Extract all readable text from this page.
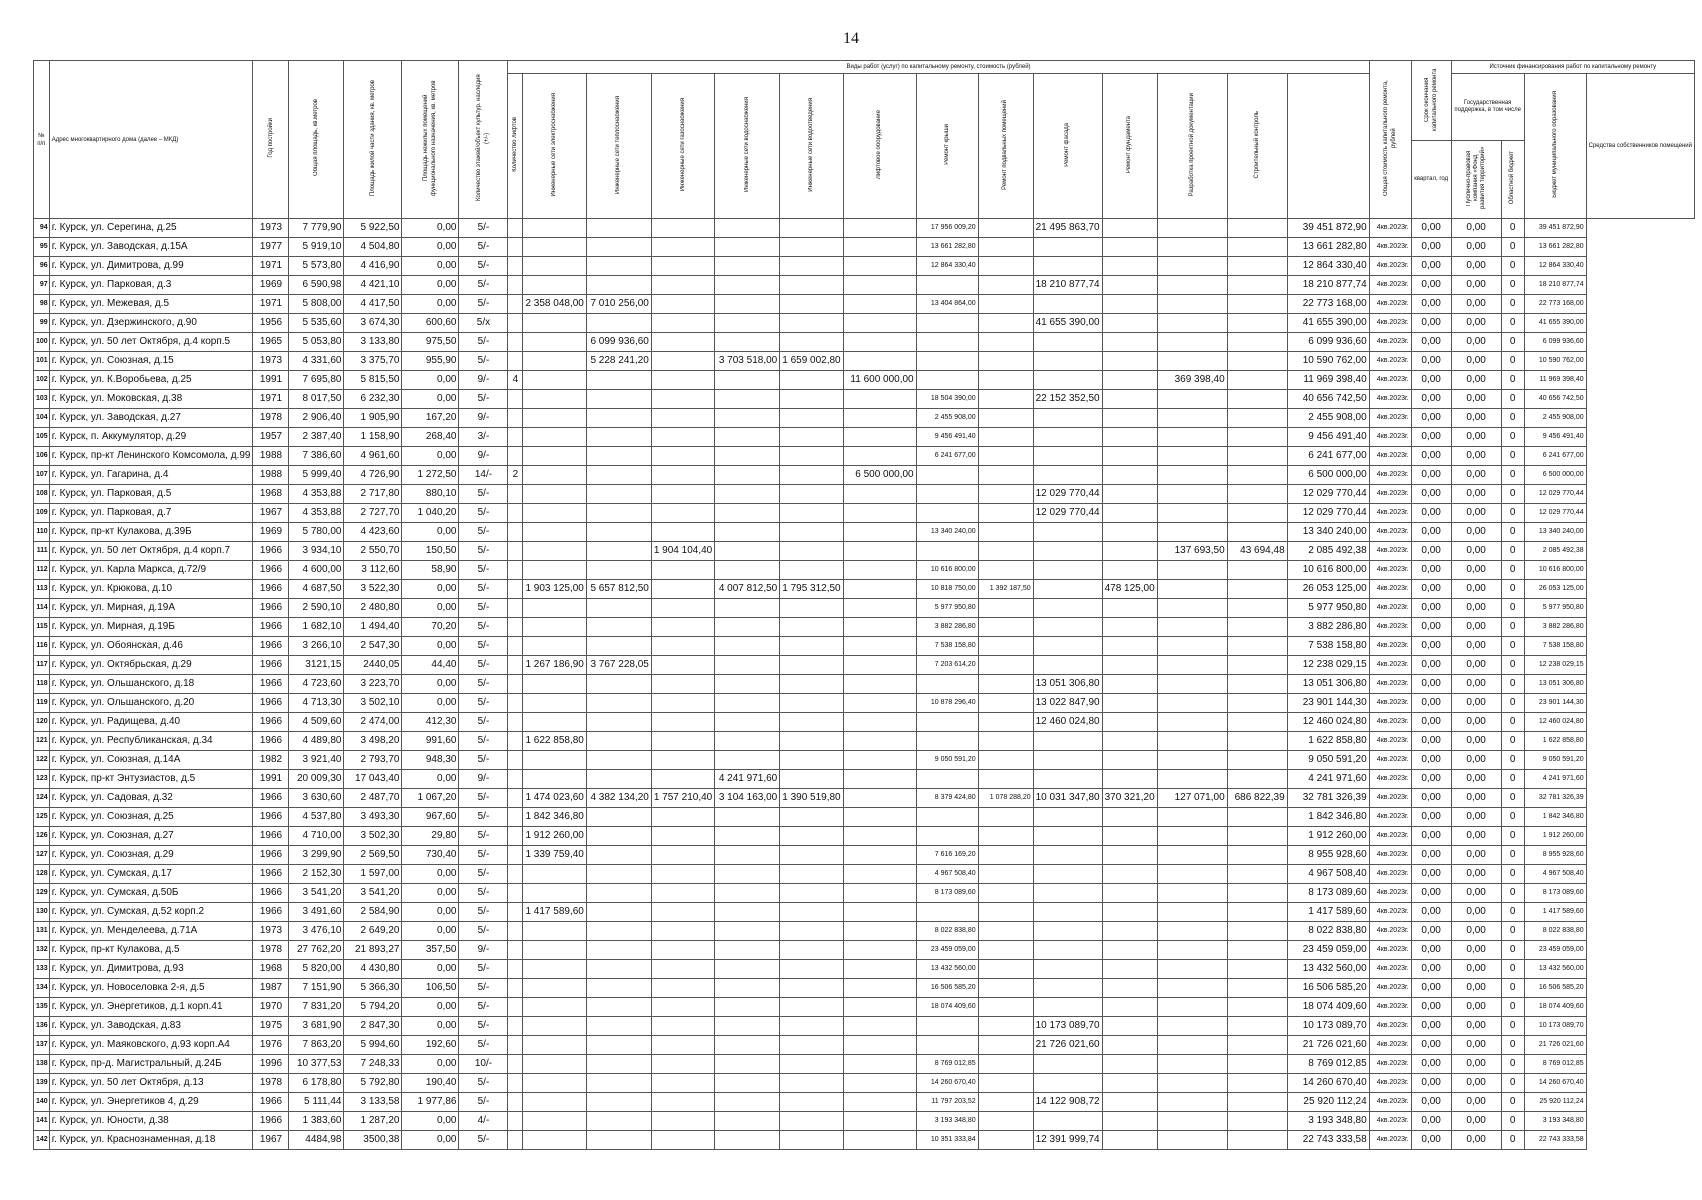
14
№ п/п	Адрес многоквартирного дома (далее – МКД)	Год постройки	Общая площадь, кв.метров	Площадь жилой части здания, кв. метров	Площадь нежилых помещений функционального назначения, кв. метров	Количество этажей/объект культур. наследия (+/-)	Виды работ (услуг) по капитальному ремонту, стоимость (рублей)														Общая стоимость капитального ремонта, рублей	Срок окончания капитального ремонта	Источник финансирования работ по капитальному ремонту			
							Количество лифтов	Инженерные сети электроснабжения	Инженерные сети теплоснабжения	Инженерные сети газоснабжения	Инженерные сети водоснабжения	Инженерные сети водоотведения	Лифтовое оборудование	Ремонт крыши	Ремонт подвальных помещений	Ремонт фасада	Ремонт фундамента	Разработка проектной документации	Строительный контроль				Государственная поддержка, в том числе		Бюджет муниципального образования	Средства собственников помещений
																						квартал, год	Публично-правовая компания «Фонд развития территорий»	Областной бюджет		
94	г. Курск, ул. Серегина, д.25	1973	7 779,90	5 922,50	0,00	5/-								17 956 009,20		21 495 863,70				39 451 872,90	4кв.2023г.	0,00	0,00	0	39 451 872,90	
95	г. Курск, ул. Заводская, д.15А	1977	5 919,10	4 504,80	0,00	5/-								13 661 282,80						13 661 282,80	4кв.2023г.	0,00	0,00	0	13 661 282,80	
96	г. Курск, ул. Димитрова, д.99	1971	5 573,80	4 416,90	0,00	5/-								12 864 330,40						12 864 330,40	4кв.2023г.	0,00	0,00	0	12 864 330,40	
97	г. Курск, ул. Парковая, д.3	1969	6 590,98	4 421,10	0,00	5/-										18 210 877,74				18 210 877,74	4кв.2023г.	0,00	0,00	0	18 210 877,74	
98	г. Курск, ул. Межевая, д.5	1971	5 808,00	4 417,50	0,00	5/-		2 358 048,00	7 010 256,00					13 404 864,00						22 773 168,00	4кв.2023г.	0,00	0,00	0	22 773 168,00	
99	г. Курск, ул. Дзержинского, д.90	1956	5 535,60	3 674,30	600,60	5/х										41 655 390,00				41 655 390,00	4кв.2023г.	0,00	0,00	0	41 655 390,00	
100	г. Курск, ул. 50 лет Октября, д.4 корп.5	1965	5 053,80	3 133,80	975,50	5/-			6 099 936,60											6 099 936,60	4кв.2023г.	0,00	0,00	0	6 099 936,60	
101	г. Курск, ул. Союзная, д.15	1973	4 331,60	3 375,70	955,90	5/-			5 228 241,20		3 703 518,00	1 659 002,80								10 590 762,00	4кв.2023г.	0,00	0,00	0	10 590 762,00	
102	г. Курск, ул. К.Воробьева, д.25	1991	7 695,80	5 815,50	0,00	9/-	4						11 600 000,00					369 398,40		11 969 398,40	4кв.2023г.	0,00	0,00	0	11 969 398,40	
103	г. Курск, ул. Моковская, д.38	1971	8 017,50	6 232,30	0,00	5/-								18 504 390,00		22 152 352,50				40 656 742,50	4кв.2023г.	0,00	0,00	0	40 656 742,50	
104	г. Курск, ул. Заводская, д.27	1978	2 906,40	1 905,90	167,20	9/-								2 455 908,00						2 455 908,00	4кв.2023г.	0,00	0,00	0	2 455 908,00	
105	г. Курск, п. Аккумулятор, д.29	1957	2 387,40	1 158,90	268,40	3/-								9 456 491,40						9 456 491,40	4кв.2023г.	0,00	0,00	0	9 456 491,40	
106	г. Курск, пр-кт Ленинского Комсомола, д.99	1988	7 386,60	4 961,60	0,00	9/-								6 241 677,00						6 241 677,00	4кв.2023г.	0,00	0,00	0	6 241 677,00	
107	г. Курск, ул. Гагарина, д.4	1988	5 999,40	4 726,90	1 272,50	14/-	2						6 500 000,00							6 500 000,00	4кв.2023г.	0,00	0,00	0	6 500 000,00	
108	г. Курск, ул. Парковая, д.5	1968	4 353,88	2 717,80	880,10	5/-										12 029 770,44				12 029 770,44	4кв.2023г.	0,00	0,00	0	12 029 770,44	
109	г. Курск, ул. Парковая, д.7	1967	4 353,88	2 727,70	1 040,20	5/-										12 029 770,44				12 029 770,44	4кв.2023г.	0,00	0,00	0	12 029 770,44	
110	г. Курск, пр-кт Кулакова, д.39Б	1969	5 780,00	4 423,60	0,00	5/-								13 340 240,00						13 340 240,00	4кв.2023г.	0,00	0,00	0	13 340 240,00	
111	г. Курск, ул. 50 лет Октября, д.4 корп.7	1966	3 934,10	2 550,70	150,50	5/-				1 904 104,40								137 693,50	43 694,48	2 085 492,38	4кв.2023г.	0,00	0,00	0	2 085 492,38	
112	г. Курск, ул. Карла Маркса, д.72/9	1966	4 600,00	3 112,60	58,90	5/-								10 616 800,00						10 616 800,00	4кв.2023г.	0,00	0,00	0	10 616 800,00	
113	г. Курск, ул. Крюкова, д.10	1966	4 687,50	3 522,30	0,00	5/-		1 903 125,00	5 657 812,50		4 007 812,50	1 795 312,50		10 818 750,00	1 392 187,50		478 125,00			26 053 125,00	4кв.2023г.	0,00	0,00	0	26 053 125,00	
114	г. Курск, ул. Мирная, д.19А	1966	2 590,10	2 480,80	0,00	5/-								5 977 950,80						5 977 950,80	4кв.2023г.	0,00	0,00	0	5 977 950,80	
115	г. Курск, ул. Мирная, д.19Б	1966	1 682,10	1 494,40	70,20	5/-								3 882 286,80						3 882 286,80	4кв.2023г.	0,00	0,00	0	3 882 286,80	
116	г. Курск, ул. Обоянская, д.46	1966	3 266,10	2 547,30	0,00	5/-								7 538 158,80						7 538 158,80	4кв.2023г.	0,00	0,00	0	7 538 158,80	
117	г. Курск, ул. Октябрьская, д.29	1966	3121,15	2440,05	44,40	5/-		1 267 186,90	3 767 228,05					7 203 614,20						12 238 029,15	4кв.2023г.	0,00	0,00	0	12 238 029,15	
118	г. Курск, ул. Ольшанского, д.18	1966	4 723,60	3 223,70	0,00	5/-										13 051 306,80				13 051 306,80	4кв.2023г.	0,00	0,00	0	13 051 306,80	
119	г. Курск, ул. Ольшанского, д.20	1966	4 713,30	3 502,10	0,00	5/-								10 878 296,40		13 022 847,90				23 901 144,30	4кв.2023г.	0,00	0,00	0	23 901 144,30	
120	г. Курск, ул. Радищева, д.40	1966	4 509,60	2 474,00	412,30	5/-										12 460 024,80				12 460 024,80	4кв.2023г.	0,00	0,00	0	12 460 024,80	
121	г. Курск, ул. Республиканская, д.34	1966	4 489,80	3 498,20	991,60	5/-		1 622 858,80												1 622 858,80	4кв.2023г.	0,00	0,00	0	1 622 858,80	
122	г. Курск, ул. Союзная, д.14А	1982	3 921,40	2 793,70	948,30	5/-								9 050 591,20						9 050 591,20	4кв.2023г.	0,00	0,00	0	9 050 591,20	
123	г. Курск, пр-кт Энтузиастов, д.5	1991	20 009,30	17 043,40	0,00	9/-					4 241 971,60									4 241 971,60	4кв.2023г.	0,00	0,00	0	4 241 971,60	
124	г. Курск, ул. Садовая, д.32	1966	3 630,60	2 487,70	1 067,20	5/-		1 474 023,60	4 382 134,20	1 757 210,40	3 104 163,00	1 390 519,80		8 379 424,80	1 078 288,20	10 031 347,80	370 321,20	127 071,00	686 822,39	32 781 326,39	4кв.2023г.	0,00	0,00	0	32 781 326,39	
125	г. Курск, ул. Союзная, д.25	1966	4 537,80	3 493,30	967,60	5/-		1 842 346,80												1 842 346,80	4кв.2023г.	0,00	0,00	0	1 842 346,80	
126	г. Курск, ул. Союзная, д.27	1966	4 710,00	3 502,30	29,80	5/-		1 912 260,00												1 912 260,00	4кв.2023г.	0,00	0,00	0	1 912 260,00	
127	г. Курск, ул. Союзная, д.29	1966	3 299,90	2 569,50	730,40	5/-		1 339 759,40						7 616 169,20						8 955 928,60	4кв.2023г.	0,00	0,00	0	8 955 928,60	
128	г. Курск, ул. Сумская, д.17	1966	2 152,30	1 597,00	0,00	5/-								4 967 508,40						4 967 508,40	4кв.2023г.	0,00	0,00	0	4 967 508,40	
129	г. Курск, ул. Сумская, д.50Б	1966	3 541,20	3 541,20	0,00	5/-								8 173 089,60						8 173 089,60	4кв.2023г.	0,00	0,00	0	8 173 089,60	
130	г. Курск, ул. Сумская, д.52 корп.2	1966	3 491,60	2 584,90	0,00	5/-		1 417 589,60												1 417 589,60	4кв.2023г.	0,00	0,00	0	1 417 589,60	
131	г. Курск, ул. Менделеева, д.71А	1973	3 476,10	2 649,20	0,00	5/-								8 022 838,80						8 022 838,80	4кв.2023г.	0,00	0,00	0	8 022 838,80	
132	г. Курск, пр-кт Кулакова, д.5	1978	27 762,20	21 893,27	357,50	9/-								23 459 059,00						23 459 059,00	4кв.2023г.	0,00	0,00	0	23 459 059,00	
133	г. Курск, ул. Димитрова, д.93	1968	5 820,00	4 430,80	0,00	5/-								13 432 560,00						13 432 560,00	4кв.2023г.	0,00	0,00	0	13 432 560,00	
134	г. Курск, ул. Новоселовка 2-я, д.5	1987	7 151,90	5 366,30	106,50	5/-								16 506 585,20						16 506 585,20	4кв.2023г.	0,00	0,00	0	16 506 585,20	
135	г. Курск, ул. Энергетиков, д.1 корп.41	1970	7 831,20	5 794,20	0,00	5/-								18 074 409,60						18 074 409,60	4кв.2023г.	0,00	0,00	0	18 074 409,60	
136	г. Курск, ул. Заводская, д.83	1975	3 681,90	2 847,30	0,00	5/-										10 173 089,70				10 173 089,70	4кв.2023г.	0,00	0,00	0	10 173 089,70	
137	г. Курск, ул. Маяковского, д.93 корп.А4	1976	7 863,20	5 994,60	192,60	5/-										21 726 021,60				21 726 021,60	4кв.2023г.	0,00	0,00	0	21 726 021,60	
138	г. Курск, пр-д. Магистральный, д.24Б	1996	10 377,53	7 248,33	0,00	10/-								8 769 012,85						8 769 012,85	4кв.2023г.	0,00	0,00	0	8 769 012,85	
139	г. Курск, ул. 50 лет Октября, д.13	1978	6 178,80	5 792,80	190,40	5/-								14 260 670,40						14 260 670,40	4кв.2023г.	0,00	0,00	0	14 260 670,40	
140	г. Курск, ул. Энергетиков 4, д.29	1966	5 111,44	3 133,58	1 977,86	5/-								11 797 203,52		14 122 908,72				25 920 112,24	4кв.2023г.	0,00	0,00	0	25 920 112,24	
141	г. Курск, ул. Юности, д.38	1966	1 383,60	1 287,20	0,00	4/-								3 193 348,80						3 193 348,80	4кв.2023г.	0,00	0,00	0	3 193 348,80	
142	г. Курск, ул. Краснознаменная, д.18	1967	4484,98	3500,38	0,00	5/-								10 351 333,84		12 391 999,74				22 743 333,58	4кв.2023г.	0,00	0,00	0	22 743 333,58	
